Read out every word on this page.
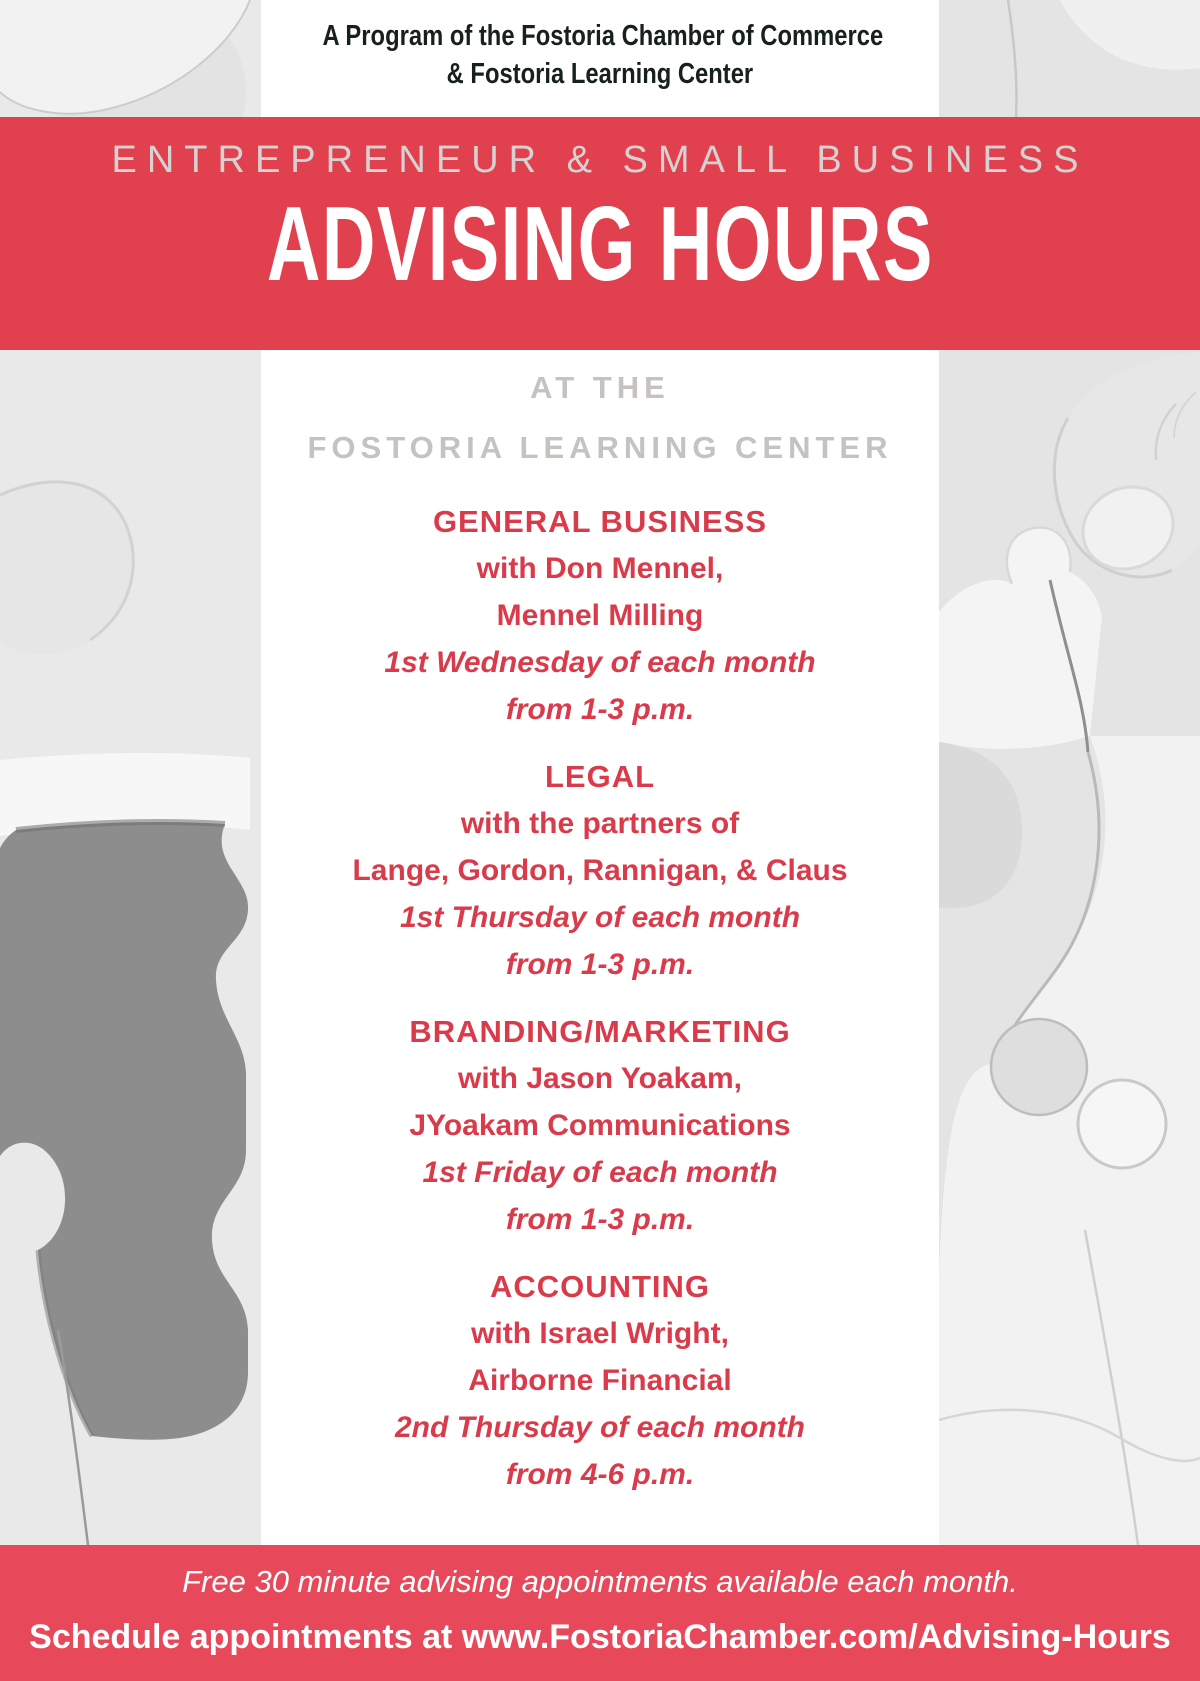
A Program of the Fostoria Chamber of Commerce
& Fostoria Learning Center
ENTREPRENEUR & SMALL BUSINESS
ADVISING HOURS
AT THE
FOSTORIA LEARNING CENTER
GENERAL BUSINESS
with Don Mennel,
Mennel Milling
1st Wednesday of each month
from 1-3 p.m.
LEGAL
with the partners of
Lange, Gordon, Rannigan, & Claus
1st Thursday of each month
from 1-3 p.m.
BRANDING/MARKETING
with Jason Yoakam,
JYoakam Communications
1st Friday of each month
from 1-3 p.m.
ACCOUNTING
with Israel Wright,
Airborne Financial
2nd Thursday of each month
from 4-6 p.m.
Free 30 minute advising appointments available each month.
Schedule appointments at www.FostoriaChamber.com/Advising-Hours
